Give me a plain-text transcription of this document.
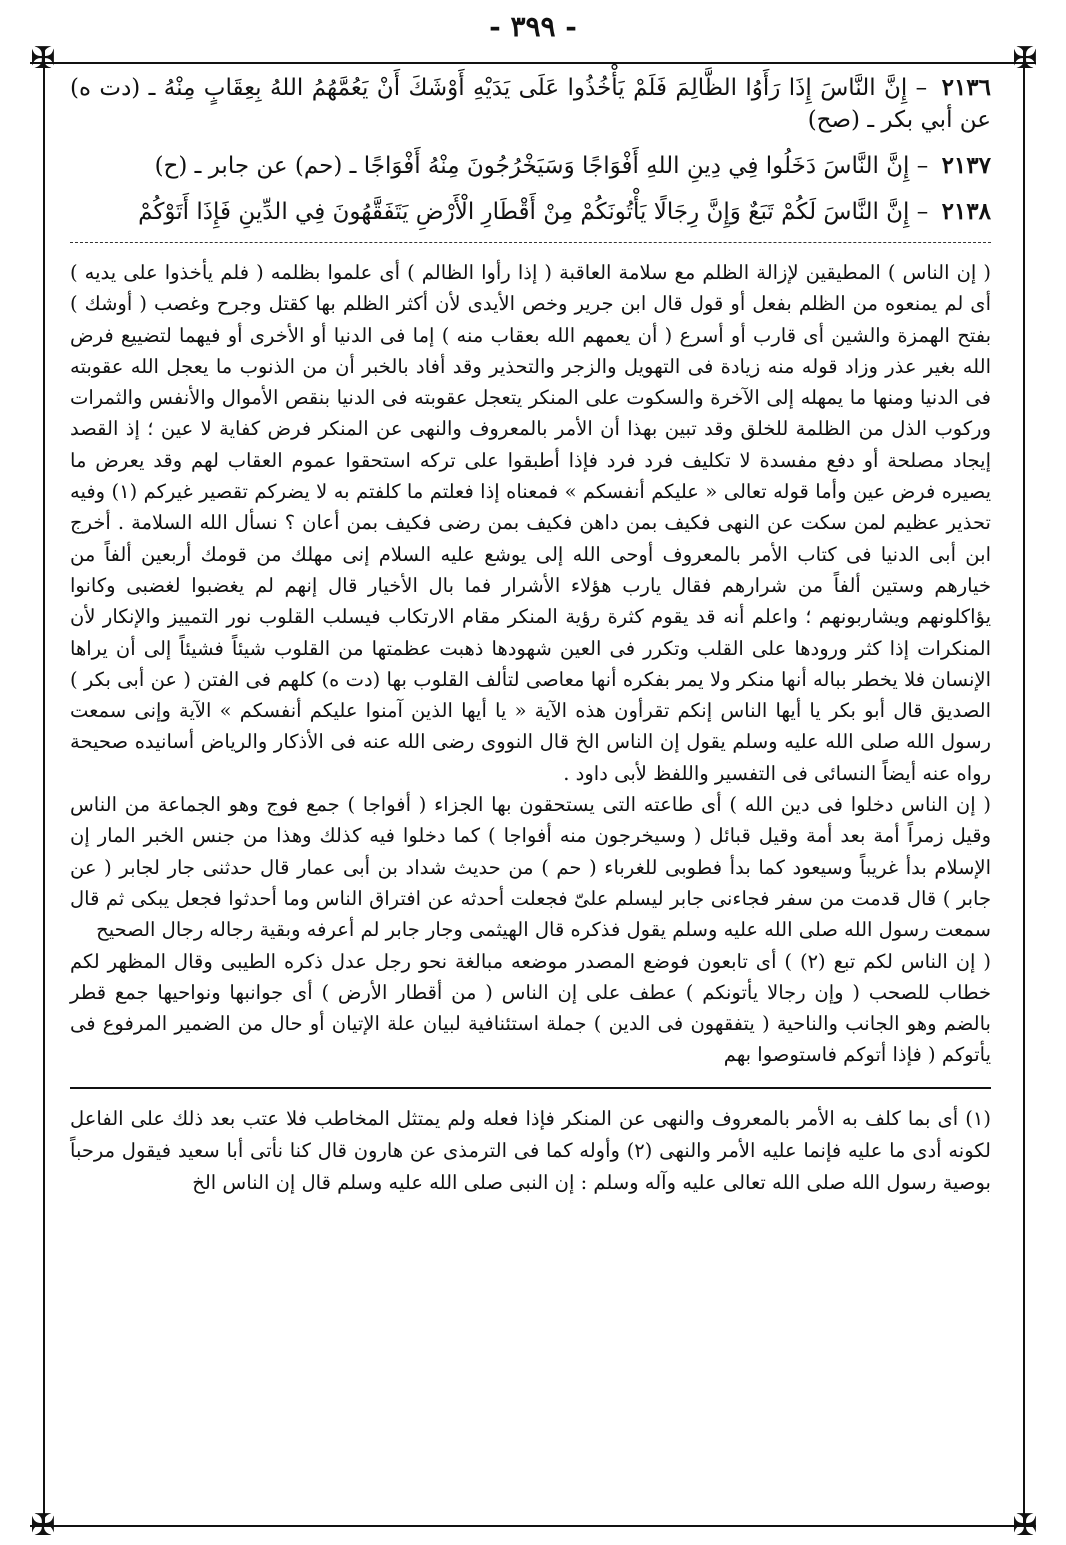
✠	✠
✠	✠
- ٣٩٩ -

٢١٣٦ – إِنَّ النَّاسَ إِذَا رَأَوُا الظَّالِمَ فَلَمْ يَأْخُذُوا عَلَى يَدَيْهِ أَوْشَكَ أَنْ يَعُمَّهُمُ اللهُ بِعِقَابٍ مِنْهُ ـ (دت ه) عن أبي بكر ـ (صح)

٢١٣٧ – إِنَّ النَّاسَ دَخَلُوا فِي دِينِ اللهِ أَفْوَاجًا وَسَيَخْرُجُونَ مِنْهُ أَفْوَاجًا ـ (حم) عن جابر ـ (ح)

٢١٣٨ – إِنَّ النَّاسَ لَكُمْ تَبَعٌ وَإِنَّ رِجَالًا يَأْتُونَكُمْ مِنْ أَقْطَارِ الْأَرْضِ يَتَفَقَّهُونَ فِي الدِّينِ فَإِذَا أَتَوْكُمْ

( إن الناس ) المطيقين لإزالة الظلم مع سلامة العاقبة ( إذا رأوا الظالم ) أى علموا بظلمه ( فلم يأخذوا على يديه ) أى لم يمنعوه من الظلم بفعل أو قول قال ابن جرير وخص الأيدى لأن أكثر الظلم بها كقتل وجرح وغصب ( أوشك ) بفتح الهمزة والشين أى قارب أو أسرع ( أن يعمهم الله بعقاب منه ) إما فى الدنيا أو الأخرى أو فيهما لتضييع فرض الله بغير عذر وزاد قوله منه زيادة فى التهويل والزجر والتحذير وقد أفاد بالخبر أن من الذنوب ما يعجل الله عقوبته فى الدنيا ومنها ما يمهله إلى الآخرة والسكوت على المنكر يتعجل عقوبته فى الدنيا بنقص الأموال والأنفس والثمرات وركوب الذل من الظلمة للخلق وقد تبين بهذا أن الأمر بالمعروف والنهى عن المنكر فرض كفاية لا عين ؛ إذ القصد إيجاد مصلحة أو دفع مفسدة لا تكليف فرد فرد فإذا أطبقوا على تركه استحقوا عموم العقاب لهم وقد يعرض ما يصيره فرض عين وأما قوله تعالى « عليكم أنفسكم » فمعناه إذا فعلتم ما كلفتم به لا يضركم تقصير غيركم (١) وفيه تحذير عظيم لمن سكت عن النهى فكيف بمن داهن فكيف بمن رضى فكيف بمن أعان ؟ نسأل الله السلامة . أخرج ابن أبى الدنيا فى كتاب الأمر بالمعروف أوحى الله إلى يوشع عليه السلام إنى مهلك من قومك أربعين ألفاً من خيارهم وستين ألفاً من شرارهم فقال يارب هؤلاء الأشرار فما بال الأخيار قال إنهم لم يغضبوا لغضبى وكانوا يؤاكلونهم ويشاربونهم ؛ واعلم أنه قد يقوم كثرة رؤية المنكر مقام الارتكاب فيسلب القلوب نور التمييز والإنكار لأن المنكرات إذا كثر ورودها على القلب وتكرر فى العين شهودها ذهبت عظمتها من القلوب شيئاً فشيئاً إلى أن يراها الإنسان فلا يخطر بباله أنها منكر ولا يمر بفكره أنها معاصى لتألف القلوب بها (دت ه) كلهم فى الفتن ( عن أبى بكر ) الصديق قال أبو بكر يا أيها الناس إنكم تقرأون هذه الآية « يا أيها الذين آمنوا عليكم أنفسكم » الآية وإنى سمعت رسول الله صلى الله عليه وسلم يقول إن الناس الخ قال النووى رضى الله عنه فى الأذكار والرياض أسانيده صحيحة رواه عنه أيضاً النسائى فى التفسير واللفظ لأبى داود .

( إن الناس دخلوا فى دين الله ) أى طاعته التى يستحقون بها الجزاء ( أفواجا ) جمع فوج وهو الجماعة من الناس وقيل زمراً أمة بعد أمة وقيل قبائل ( وسيخرجون منه أفواجا ) كما دخلوا فيه كذلك وهذا من جنس الخبر المار إن الإسلام بدأ غريباً وسيعود كما بدأ فطوبى للغرباء ( حم ) من حديث شداد بن أبى عمار قال حدثنى جار لجابر ( عن جابر ) قال قدمت من سفر فجاءنى جابر ليسلم علىّ فجعلت أحدثه عن افتراق الناس وما أحدثوا فجعل يبكى ثم قال سمعت رسول الله صلى الله عليه وسلم يقول فذكره قال الهيثمى وجار جابر لم أعرفه وبقية رجاله رجال الصحيح

( إن الناس لكم تبع (٢) ) أى تابعون فوضع المصدر موضعه مبالغة نحو رجل عدل ذكره الطيبى وقال المظهر لكم خطاب للصحب ( وإن رجالا يأتونكم ) عطف على إن الناس ( من أقطار الأرض ) أى جوانبها ونواحيها جمع قطر بالضم وهو الجانب والناحية ( يتفقهون فى الدين ) جملة استئنافية لبيان علة الإتيان أو حال من الضمير المرفوع فى يأتوكم ( فإذا أتوكم فاستوصوا بهم

(١) أى بما كلف به الأمر بالمعروف والنهى عن المنكر فإذا فعله ولم يمتثل المخاطب فلا عتب بعد ذلك على الفاعل لكونه أدى ما عليه فإنما عليه الأمر والنهى (٢) وأوله كما فى الترمذى عن هارون قال كنا نأتى أبا سعيد فيقول مرحباً بوصية رسول الله صلى الله تعالى عليه وآله وسلم : إن النبى صلى الله عليه وسلم قال إن الناس الخ
